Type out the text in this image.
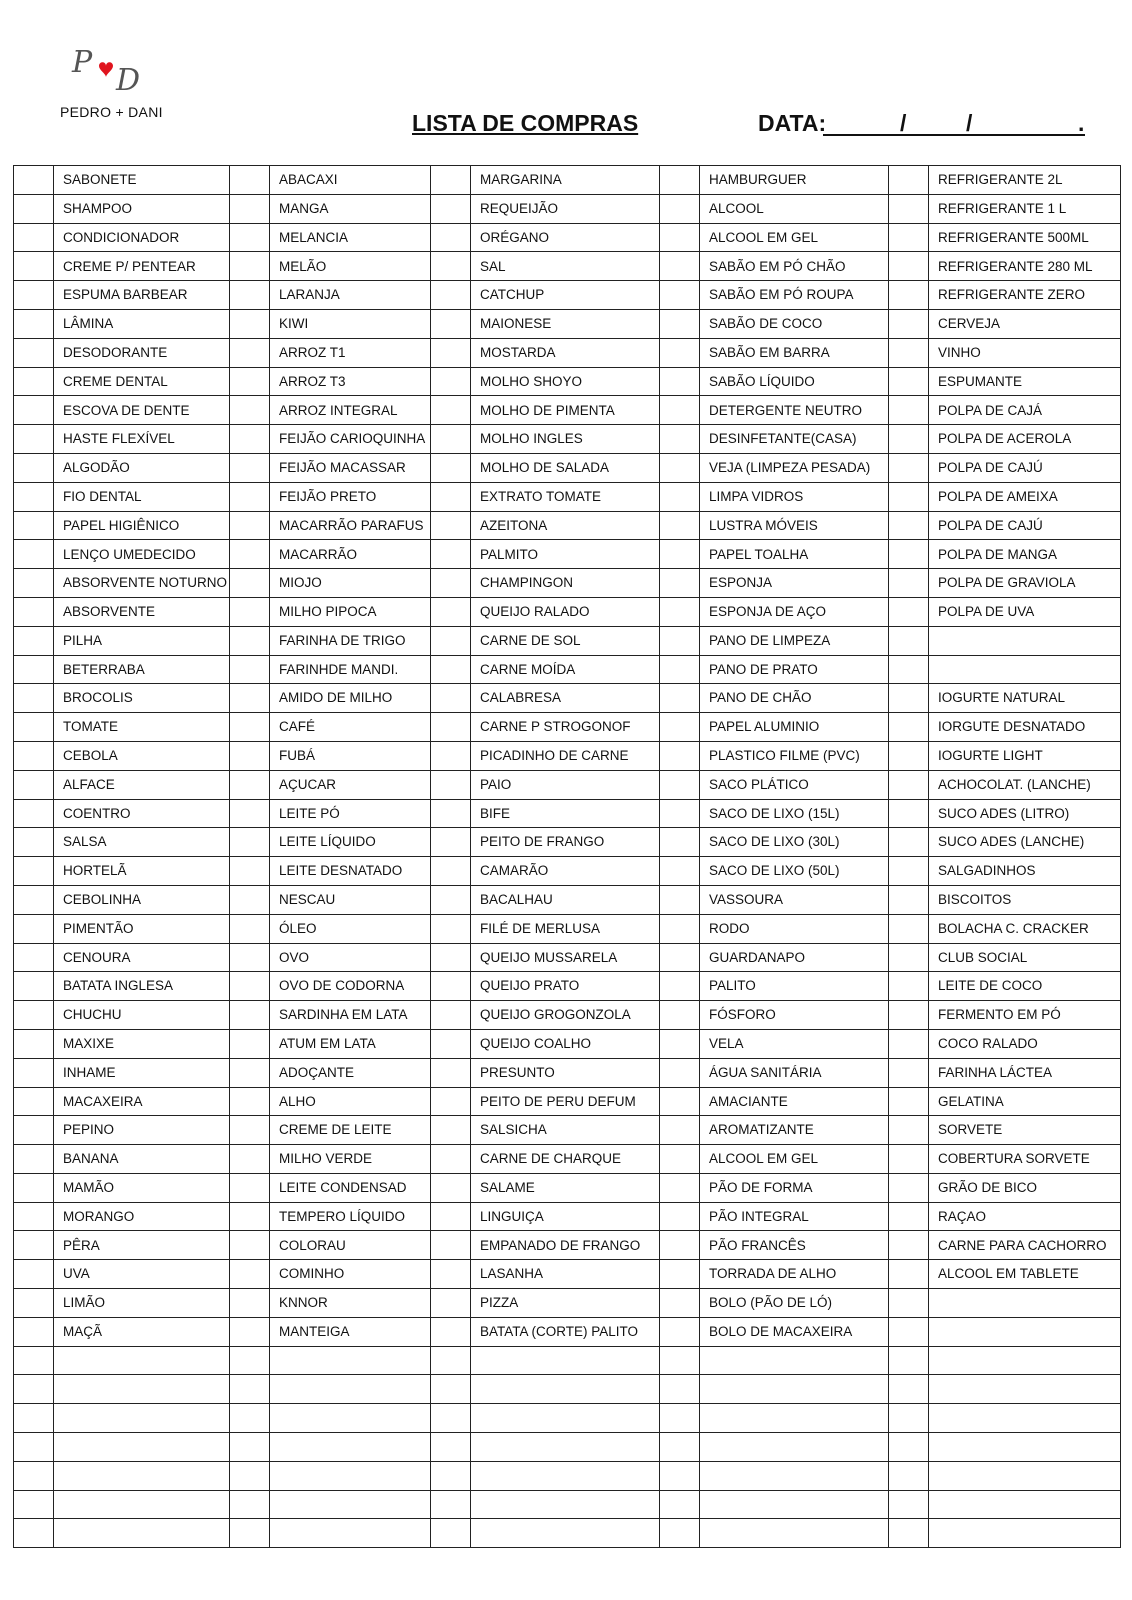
P
D
PEDRO + DANI	LISTA DE COMPRAS	DATA:	/	/	.
	SABONETE		ABACAXI		MARGARINA		HAMBURGUER		REFRIGERANTE 2L
	SHAMPOO		MANGA		REQUEIJÃO		ALCOOL		REFRIGERANTE 1 L
	CONDICIONADOR		MELANCIA		ORÉGANO		ALCOOL EM GEL		REFRIGERANTE 500ML
	CREME P/ PENTEAR		MELÃO		SAL		SABÃO EM PÓ CHÃO		REFRIGERANTE 280 ML
	ESPUMA BARBEAR		LARANJA		CATCHUP		SABÃO EM PÓ ROUPA		REFRIGERANTE ZERO
	LÂMINA		KIWI		MAIONESE		SABÃO DE COCO		CERVEJA
	DESODORANTE		ARROZ T1		MOSTARDA		SABÃO EM BARRA		VINHO
	CREME DENTAL		ARROZ T3		MOLHO SHOYO		SABÃO LÍQUIDO		ESPUMANTE
	ESCOVA DE DENTE		ARROZ INTEGRAL		MOLHO DE PIMENTA		DETERGENTE NEUTRO		POLPA DE CAJÁ
	HASTE FLEXÍVEL		FEIJÃO CARIOQUINHA		MOLHO INGLES		DESINFETANTE(CASA)		POLPA DE ACEROLA
	ALGODÃO		FEIJÃO MACASSAR		MOLHO DE SALADA		VEJA (LIMPEZA PESADA)		POLPA DE CAJÚ
	FIO DENTAL		FEIJÃO PRETO		EXTRATO TOMATE		LIMPA VIDROS		POLPA DE AMEIXA
	PAPEL HIGIÊNICO		MACARRÃO PARAFUS		AZEITONA		LUSTRA MÓVEIS		POLPA DE CAJÚ
	LENÇO UMEDECIDO		MACARRÃO		PALMITO		PAPEL TOALHA		POLPA DE MANGA
	ABSORVENTE NOTURNO		MIOJO		CHAMPINGON		ESPONJA		POLPA DE GRAVIOLA
	ABSORVENTE		MILHO PIPOCA		QUEIJO RALADO		ESPONJA DE AÇO		POLPA DE UVA
	PILHA		FARINHA DE TRIGO		CARNE DE SOL		PANO DE LIMPEZA		
	BETERRABA		FARINHDE MANDI.		CARNE MOÍDA		PANO DE PRATO		
	BROCOLIS		AMIDO DE MILHO		CALABRESA		PANO DE CHÃO		IOGURTE NATURAL
	TOMATE		CAFÉ		CARNE P STROGONOF		PAPEL ALUMINIO		IORGUTE DESNATADO
	CEBOLA		FUBÁ		PICADINHO DE CARNE		PLASTICO FILME (PVC)		IOGURTE LIGHT
	ALFACE		AÇUCAR		PAIO		SACO PLÁTICO		ACHOCOLAT. (LANCHE)
	COENTRO		LEITE PÓ		BIFE		SACO DE LIXO (15L)		SUCO ADES (LITRO)
	SALSA		LEITE LÍQUIDO		PEITO DE FRANGO		SACO DE LIXO (30L)		SUCO ADES (LANCHE)
	HORTELÃ		LEITE DESNATADO		CAMARÃO		SACO DE LIXO (50L)		SALGADINHOS
	CEBOLINHA		NESCAU		BACALHAU		VASSOURA		BISCOITOS
	PIMENTÃO		ÓLEO		FILÉ DE MERLUSA		RODO		BOLACHA C. CRACKER
	CENOURA		OVO		QUEIJO MUSSARELA		GUARDANAPO		CLUB SOCIAL
	BATATA INGLESA		OVO DE CODORNA		QUEIJO PRATO		PALITO		LEITE DE COCO
	CHUCHU		SARDINHA EM LATA		QUEIJO GROGONZOLA		FÓSFORO		FERMENTO EM PÓ
	MAXIXE		ATUM EM LATA		QUEIJO COALHO		VELA		COCO RALADO
	INHAME		ADOÇANTE		PRESUNTO		ÁGUA SANITÁRIA		FARINHA LÁCTEA
	MACAXEIRA		ALHO		PEITO DE PERU DEFUM		AMACIANTE		GELATINA
	PEPINO		CREME DE LEITE		SALSICHA		AROMATIZANTE		SORVETE
	BANANA		MILHO VERDE		CARNE DE CHARQUE		ALCOOL EM GEL		COBERTURA SORVETE
	MAMÃO		LEITE CONDENSAD		SALAME		PÃO DE FORMA		GRÃO DE BICO
	MORANGO		TEMPERO LÍQUIDO		LINGUIÇA		PÃO INTEGRAL		RAÇAO
	PÊRA		COLORAU		EMPANADO DE FRANGO		PÃO FRANCÊS		CARNE PARA CACHORRO
	UVA		COMINHO		LASANHA		TORRADA DE ALHO		ALCOOL EM TABLETE
	LIMÃO		KNNOR		PIZZA		BOLO (PÃO DE LÓ)		
	MAÇÃ		MANTEIGA		BATATA (CORTE) PALITO		BOLO DE MACAXEIRA		
